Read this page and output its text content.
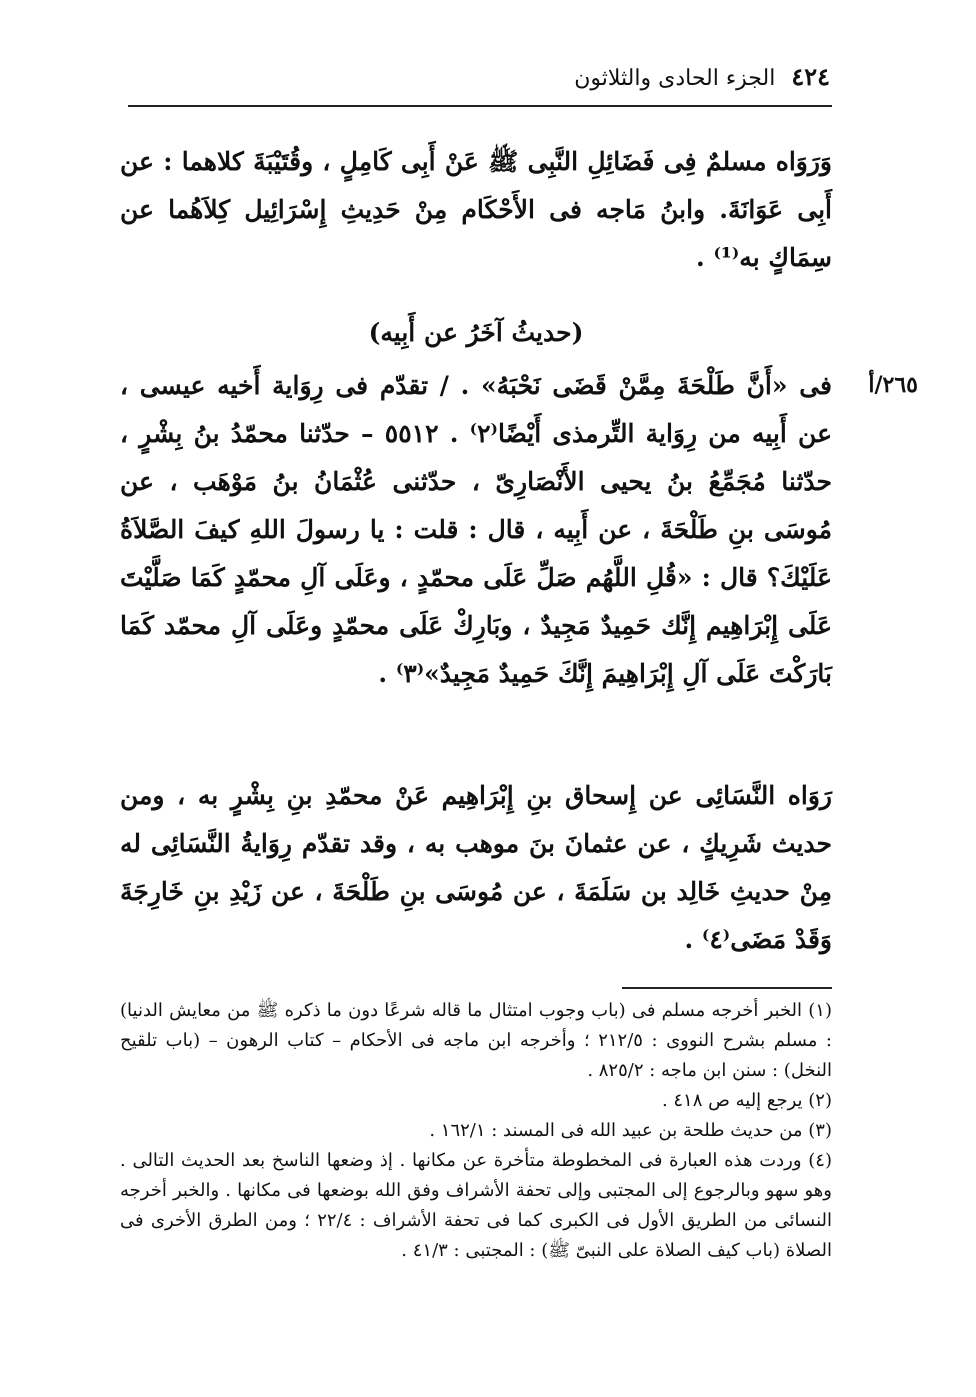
٤٢٤
الجزء الحادى والثلاثون
٢٦٥/أ
وَرَوَاه مسلمٌ فِى فَضَائِلِ النَّبِى ﷺ عَنْ أَبِى كَامِلٍ ، وقُتَيْبَةَ كلاهما : عن أَبِى عَوَانَةَ. وابنُ مَاجه فى الأَحْكَام مِنْ حَدِيثِ إِسْرَائِيل كِلاَهُما عن سِمَاكٍ به⁽¹⁾ .
(حديثُ آخَرُ عن أَبِيه)
فى «أَنَّ طَلْحَةَ مِمَّنْ قَضَى نَحْبَهُ» . / تقدّم فى رِوَاية أَخيه عيسى ، عن أَبِيه من رِوَاية التِّرمذى أَيْضًا⁽٢⁾ . ٥٥١٢ – حدّثنا محمّدُ بنُ بِشْرٍ ، حدّثنا مُجَمِّعُ بنُ يحيى الأَنْصَارِىّ ، حدّثنى عُثْمَانُ بنُ مَوْهَب ، عن مُوسَى بنِ طَلْحَةَ ، عن أَبِيه ، قال : قلت : يا رسولَ اللهِ كيفَ الصَّلاَةُ عَلَيْكَ؟ قال : «قُلِ اللَّهُم صَلِّ عَلَى محمّدٍ ، وعَلَى آلِ محمّدٍ كَمَا صَلَّيْتَ عَلَى إِبْرَاهِيم إِنَّك حَمِيدٌ مَجِيدٌ ، وبَارِكْ عَلَى محمّدٍ وعَلَى آلِ محمّد كَمَا بَارَكْتَ عَلَى آلِ إِبْرَاهِيمَ إِنَّكَ حَمِيدٌ مَجِيدٌ»⁽٣⁾ .
رَوَاه النَّسَائِى عن إِسحاق بنِ إِبْرَاهِيم عَنْ محمّدِ بنِ بِشْرٍ به ، ومن حديث شَرِيكٍ ، عن عثمانَ بنَ موهب به ، وقد تقدّم رِوَايةُ النَّسَائِى له مِنْ حديثِ خَالِد بن سَلَمَةَ ، عن مُوسَى بنِ طَلْحَةَ ، عن زَيْدِ بنِ خَارِجَةَ وَقَدْ مَضَى⁽٤⁾ .

(١) الخبر أخرجه مسلم فى (باب وجوب امتثال ما قاله شرعًا دون ما ذكره ﷺ من معايش الدنيا) : مسلم بشرح النووى : ٢١٢/٥ ؛ وأخرجه ابن ماجه فى الأحكام – كتاب الرهون – (باب تلقيح النخل) : سنن ابن ماجه : ٨٢٥/٢ .

(٢) يرجع إليه ص ٤١٨ .

(٣) من حديث طلحة بن عبيد الله فى المسند : ١٦٢/١ .

(٤) وردت هذه العبارة فى المخطوطة متأخرة عن مكانها . إذ وضعها الناسخ بعد الحديث التالى . وهو سهو وبالرجوع إلى المجتبى وإلى تحفة الأشراف وفق الله بوضعها فى مكانها . والخبر أخرجه النسائى من الطريق الأول فى الكبرى كما فى تحفة الأشراف : ٢٢/٤ ؛ ومن الطرق الأخرى فى الصلاة (باب كيف الصلاة على النبىّ ﷺ) : المجتبى : ٤١/٣ .
